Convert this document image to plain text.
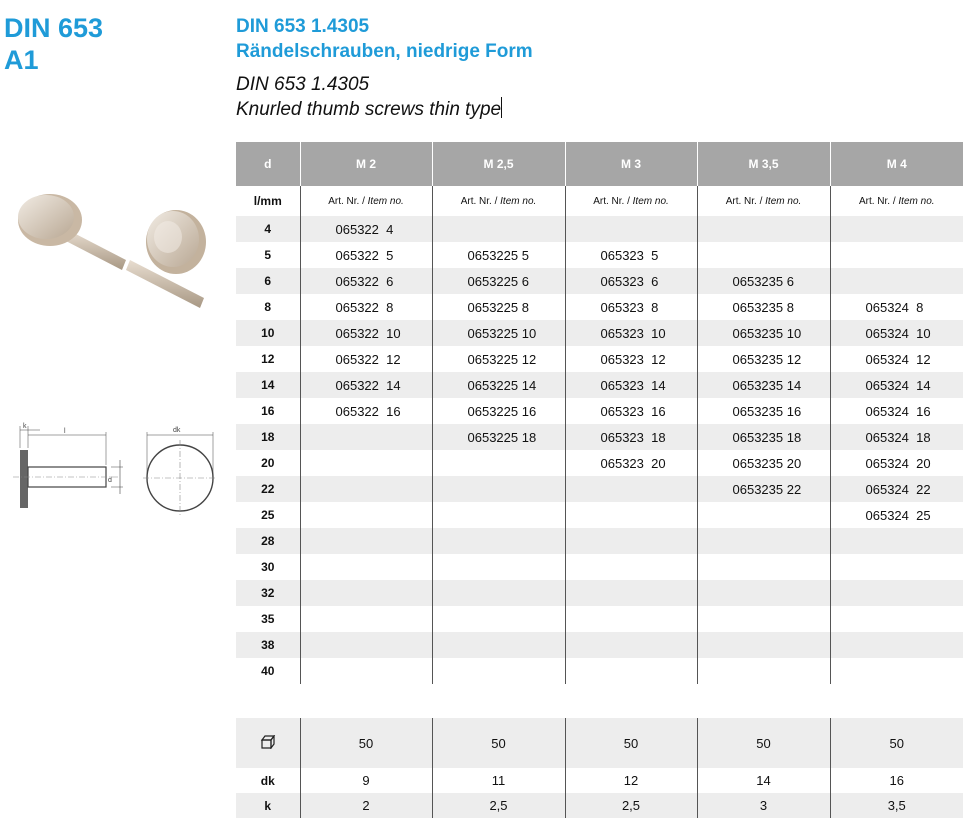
DIN 653
A1
DIN 653 1.4305
Rändelschrauben, niedrige Form
DIN 653 1.4305
Knurled thumb screws thin type
k
l
d
dk
d	M 2	M 2,5	M 3	M 3,5	M 4
l/mm	Art. Nr. / Item no.	Art. Nr. / Item no.	Art. Nr. / Item no.	Art. Nr. / Item no.	Art. Nr. / Item no.
4	065322  4				
5	065322  5	0653225 5	065323  5		
6	065322  6	0653225 6	065323  6	0653235 6	
8	065322  8	0653225 8	065323  8	0653235 8	065324  8
10	065322  10	0653225 10	065323  10	0653235 10	065324  10
12	065322  12	0653225 12	065323  12	0653235 12	065324  12
14	065322  14	0653225 14	065323  14	0653235 14	065324  14
16	065322  16	0653225 16	065323  16	0653235 16	065324  16
18		0653225 18	065323  18	0653235 18	065324  18
20			065323  20	0653235 20	065324  20
22				0653235 22	065324  22
25					065324  25
28					
30					
32					
35					
38					
40					
	50	50	50	50	50
dk	9	11	12	14	16
k	2	2,5	2,5	3	3,5
